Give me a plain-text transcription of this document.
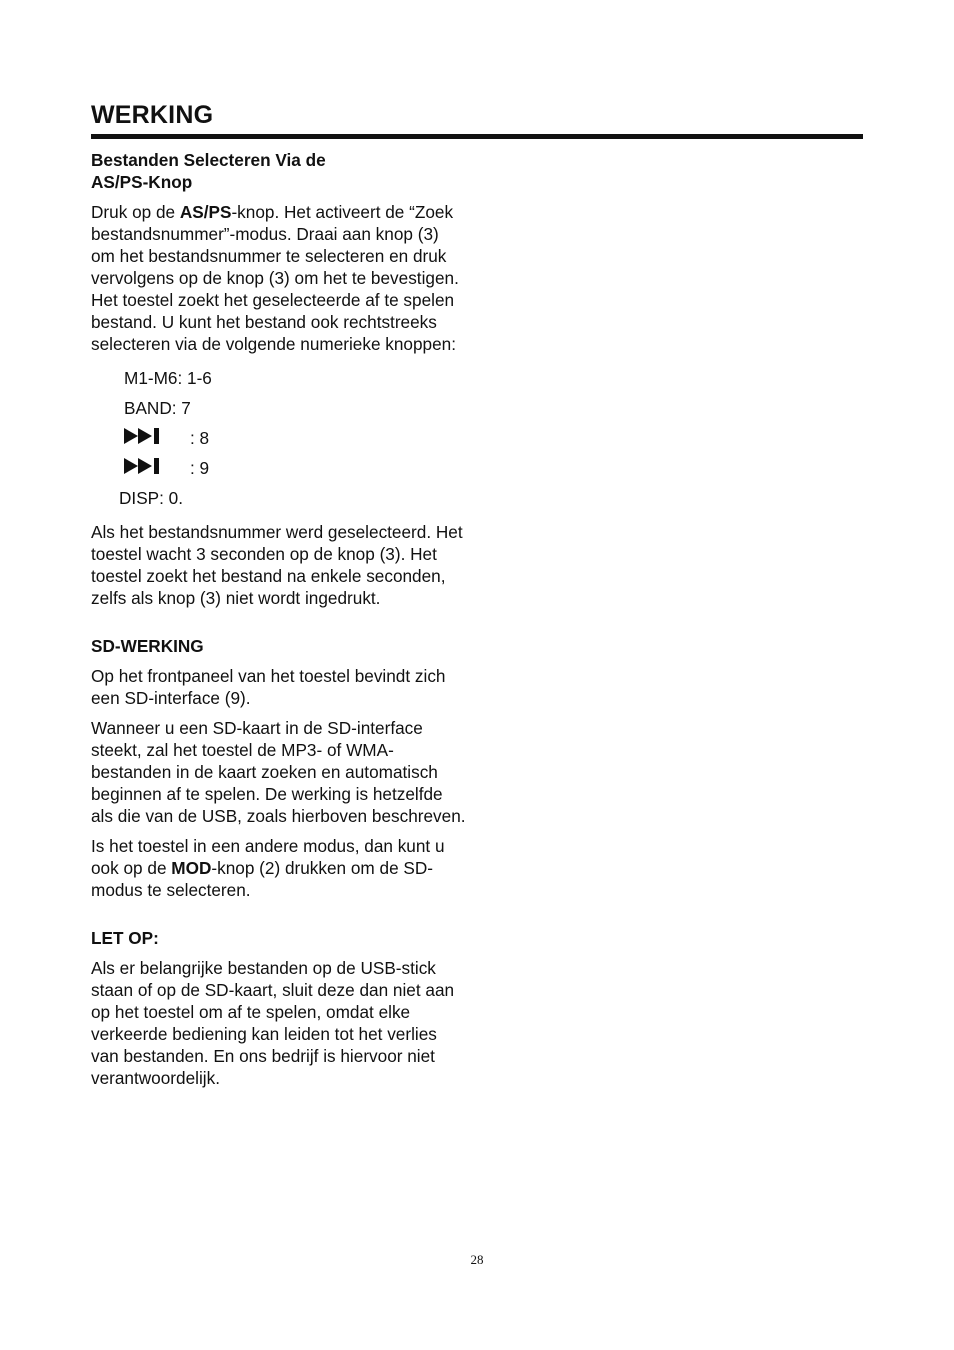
WERKING
Bestanden Selecteren Via de
AS/PS-Knop

Druk op de AS/PS-knop. Het activeert de “Zoek bestandsnummer”-modus. Draai aan knop (3) om het bestandsnummer te selecteren en druk vervolgens op de knop (3) om het te bevestigen. Het toestel zoekt het geselecteerde af te spelen bestand. U kunt het bestand ook rechtstreeks selecteren via de volgende numerieke knoppen:

M1-M6: 1-6
BAND: 7
: 8
: 9
DISP: 0.

Als het bestandsnummer werd geselecteerd. Het toestel wacht 3 seconden op de knop (3). Het toestel zoekt het bestand na enkele seconden, zelfs als knop (3) niet wordt ingedrukt.

SD-WERKING

Op het frontpaneel van het toestel bevindt zich een SD-interface (9).

Wanneer u een SD-kaart in de SD-interface steekt, zal het toestel de MP3- of WMA-bestanden in de kaart zoeken en automatisch beginnen af te spelen. De werking is hetzelfde als die van de USB, zoals hierboven beschreven.

Is het toestel in een andere modus, dan kunt u ook op de MOD-knop (2) drukken om de SD-modus te selecteren.

LET OP:

Als er belangrijke bestanden op de USB-stick staan of op de SD-kaart, sluit deze dan niet aan op het toestel om af te spelen, omdat elke verkeerde bediening kan leiden tot het verlies van bestanden. En ons bedrijf is hiervoor niet verantwoordelijk.

28
